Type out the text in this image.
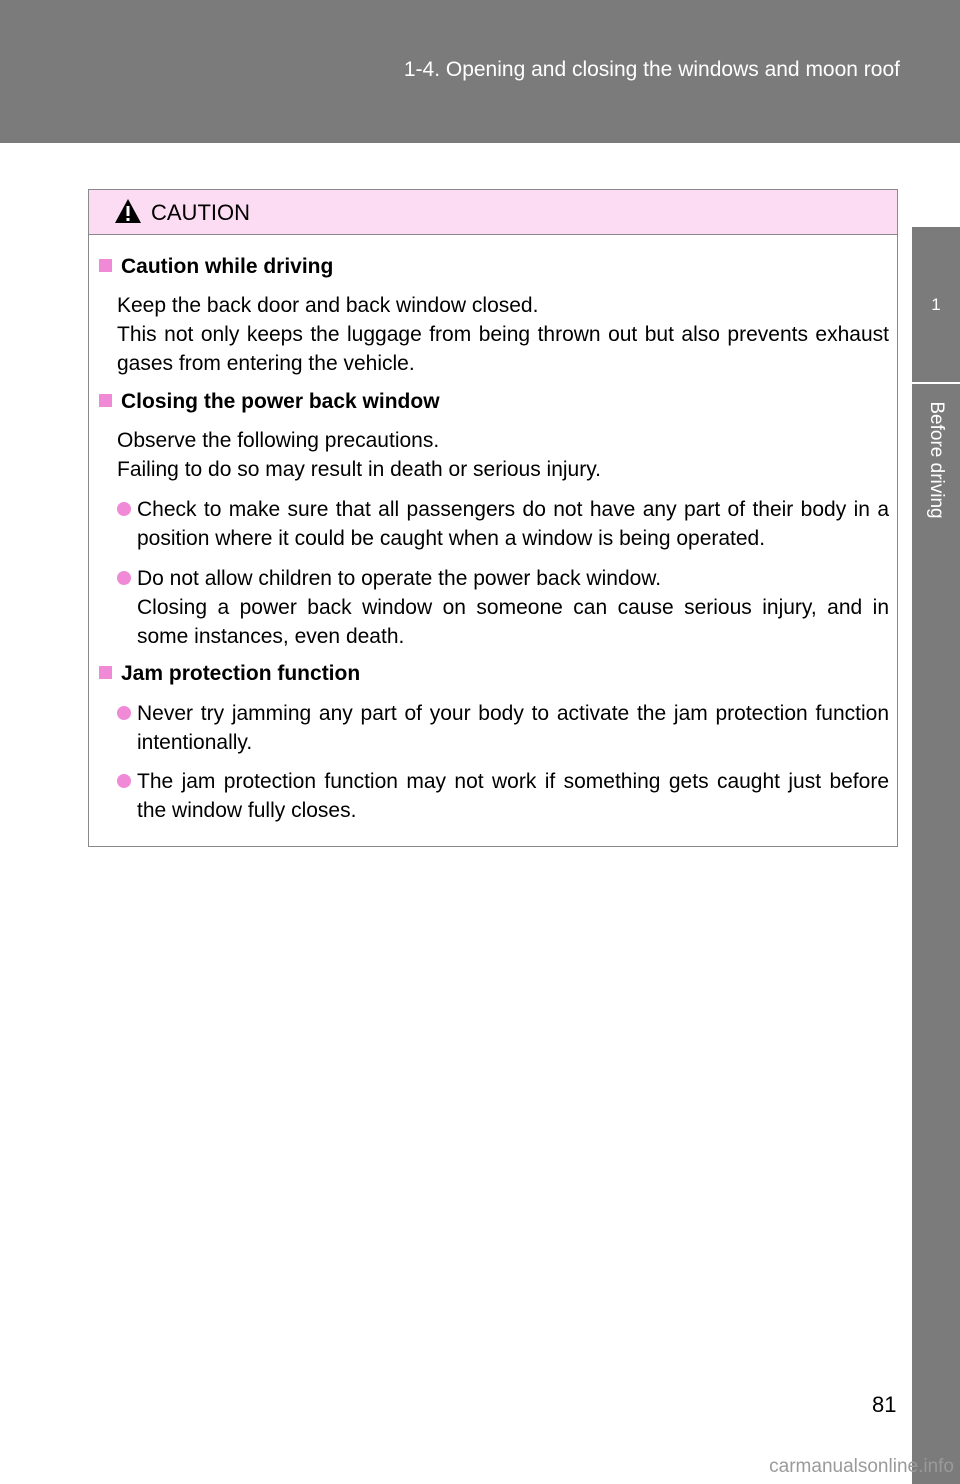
1-4. Opening and closing the windows and moon roof
1
Before driving
CAUTION
Caution while driving
Keep the back door and back window closed.
This not only keeps the luggage from being thrown out but also prevents exhaust gases from entering the vehicle.
Closing the power back window
Observe the following precautions.
Failing to do so may result in death or serious injury.
Check to make sure that all passengers do not have any part of their body in a position where it could be caught when a window is being operated.
Do not allow children to operate the power back window.
Closing a power back window on someone can cause serious injury, and in some instances, even death.
Jam protection function
Never try jamming any part of your body to activate the jam protection function intentionally.
The jam protection function may not work if something gets caught just before the window fully closes.
81
carmanualsonline.info
